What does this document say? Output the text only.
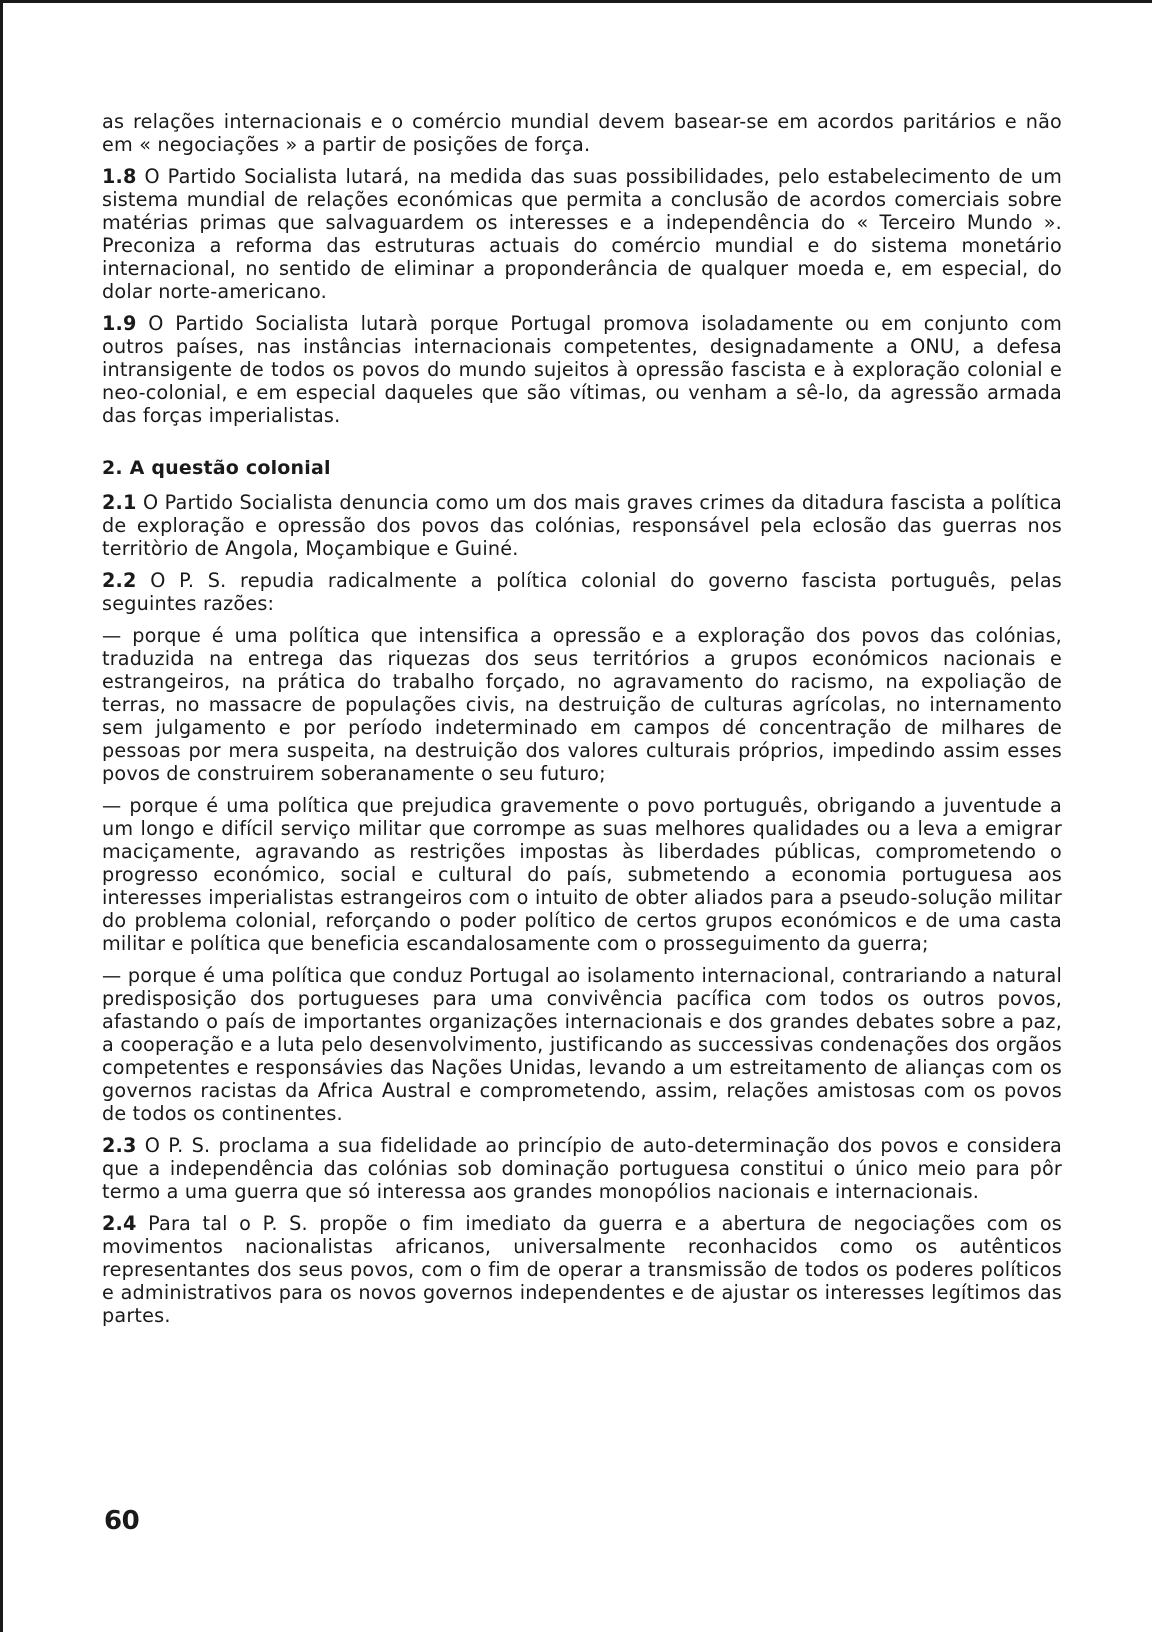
as relações internacionais e o comércio mundial devem basear-se em acordos paritários e não em « negociações » a partir de posições de força.

1.8 O Partido Socialista lutará, na medida das suas possibilidades, pelo estabelecimento de um sistema mundial de relações económicas que permita a conclusão de acordos comerciais sobre matérias primas que salvaguardem os interesses e a independência do « Terceiro Mundo ». Preconiza a reforma das estruturas actuais do comércio mundial e do sistema monetário internacional, no sentido de eliminar a proponderância de qualquer moeda e, em especial, do dolar norte-americano.

1.9 O Partido Socialista lutarà porque Portugal promova isoladamente ou em conjunto com outros países, nas instâncias internacionais competentes, designadamente a ONU, a defesa intransigente de todos os povos do mundo sujeitos à opressão fascista e à exploração colonial e neo-colonial, e em especial daqueles que são vítimas, ou venham a sê-lo, da agressão armada das forças imperialistas.

2. A questão colonial

2.1 O Partido Socialista denuncia como um dos mais graves crimes da ditadura fascista a política de exploração e opressão dos povos das colónias, responsável pela eclosão das guerras nos territòrio de Angola, Moçambique e Guiné.

2.2 O P. S. repudia radicalmente a política colonial do governo fascista português, pelas seguintes razões:

— porque é uma política que intensifica a opressão e a exploração dos povos das colónias, traduzida na entrega das riquezas dos seus territórios a grupos económicos nacionais e estrangeiros, na prática do trabalho forçado, no agravamento do racismo, na expoliação de terras, no massacre de populações civis, na destruição de culturas agrícolas, no internamento sem julgamento e por período indeterminado em campos dé concentração de milhares de pessoas por mera suspeita, na destruição dos valores culturais próprios, impedindo assim esses povos de construirem soberanamente o seu futuro;

— porque é uma política que prejudica gravemente o povo português, obrigando a juventude a um longo e difícil serviço militar que corrompe as suas melhores qualidades ou a leva a emigrar maciçamente, agravando as restrições impostas às liberdades públicas, comprometendo o progresso económico, social e cultural do país, submetendo a economia portuguesa aos interesses imperialistas estrangeiros com o intuito de obter aliados para a pseudo-solução militar do problema colonial, reforçando o poder político de certos grupos económicos e de uma casta militar e política que beneficia escandalosamente com o prosseguimento da guerra;

— porque é uma política que conduz Portugal ao isolamento internacional, contrariando a natural predisposição dos portugueses para uma convivência pacífica com todos os outros povos, afastando o país de importantes organizações internacionais e dos grandes debates sobre a paz, a cooperação e a luta pelo desenvolvimento, justificando as successivas condenações dos orgãos competentes e responsávies das Nações Unidas, levando a um estreitamento de alianças com os governos racistas da Africa Austral e comprometendo, assim, relações amistosas com os povos de todos os continentes.

2.3 O P. S. proclama a sua fidelidade ao princípio de auto-determinação dos povos e considera que a independência das colónias sob dominação portuguesa constitui o único meio para pôr termo a uma guerra que só interessa aos grandes monopólios nacionais e internacionais.

2.4 Para tal o P. S. propõe o fim imediato da guerra e a abertura de negociações com os movimentos nacionalistas africanos, universalmente reconhacidos como os autênticos representantes dos seus povos, com o fim de operar a transmissão de todos os poderes políticos e administrativos para os novos governos independentes e de ajustar os interesses legítimos das partes.

60
